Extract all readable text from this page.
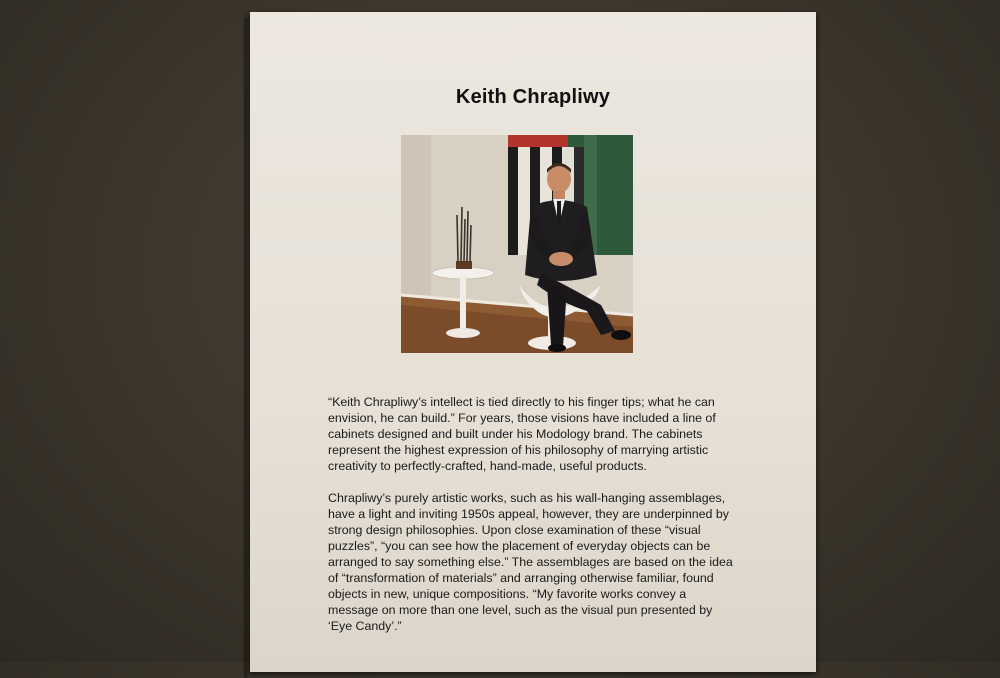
Keith Chrapliwy

“Keith Chrapliwy’s intellect is tied directly to his finger tips; what he can envision, he can build.” For years, those visions have included a line of cabinets designed and built under his Modology brand. The cabinets represent the highest expression of his philosophy of marrying artistic creativity to perfectly-crafted, hand-made, useful products.

Chrapliwy’s purely artistic works, such as his wall-hanging assemblages, have a light and inviting 1950s appeal, however, they are underpinned by strong design philosophies. Upon close examination of these “visual puzzles”, “you can see how the placement of everyday objects can be arranged to say something else.” The assemblages are based on the idea of “transformation of materials” and arranging otherwise familiar, found objects in new, unique compositions. “My favorite works convey a message on more than one level, such as the visual pun presented by ‘Eye Candy’.”
